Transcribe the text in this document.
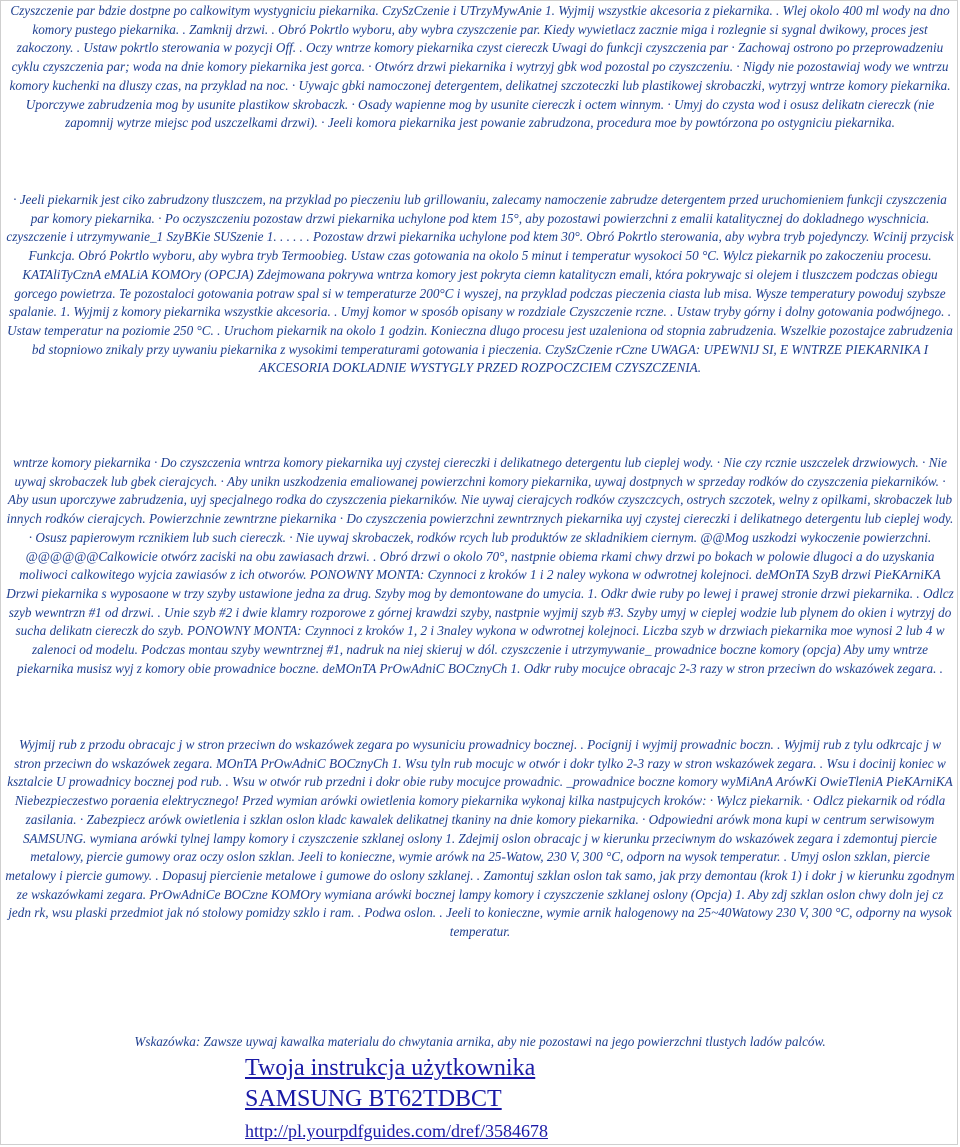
Czyszczenie par bdzie dostpne po calkowitym wystygniciu piekarnika. CzySzCzenie i UTrzyMywAnie 1. Wyjmij wszystkie akcesoria z piekarnika. . Wlej okolo 400 ml wody na dno komory pustego piekarnika. . Zamknij drzwi. . Obró Pokrtlo wyboru, aby wybra czyszczenie par. Kiedy wywietlacz zacznie miga i rozlegnie si sygnal dwikowy, proces jest zakoczony. . Ustaw pokrtlo sterowania w pozycji Off. . Oczy wntrze komory piekarnika czyst ciereczk Uwagi do funkcji czyszczenia par · Zachowaj ostrono po przeprowadzeniu cyklu czyszczenia par; woda na dnie komory piekarnika jest gorca. · Otwórz drzwi piekarnika i wytrzyj gbk wod pozostal po czyszczeniu. · Nigdy nie pozostawiaj wody we wntrzu komory kuchenki na dluszy czas, na przyklad na noc. · Uywajc gbki namoczonej detergentem, delikatnej szczoteczki lub plastikowej skrobaczki, wytrzyj wntrze komory piekarnika. Uporczywe zabrudzenia mog by usunite plastikow skrobaczk. · Osady wapienne mog by usunite ciereczk i octem winnym. · Umyj do czysta wod i osusz delikatn ciereczk (nie zapomnij wytrze miejsc pod uszczelkami drzwi). · Jeeli komora piekarnika jest powanie zabrudzona, procedura moe by powtórzona po ostygniciu piekarnika.

· Jeeli piekarnik jest ciko zabrudzony tluszczem, na przyklad po pieczeniu lub grillowaniu, zalecamy namoczenie zabrudze detergentem przed uruchomieniem funkcji czyszczenia par komory piekarnika. · Po oczyszczeniu pozostaw drzwi piekarnika uchylone pod ktem 15°, aby pozostawi powierzchni z emalii katalitycznej do dokladnego wyschnicia. czyszczenie i utrzymywanie_1 SzyBKie SUSzenie 1. . . . . . Pozostaw drzwi piekarnika uchylone pod ktem 30°. Obró Pokrtlo sterowania, aby wybra tryb pojedynczy. Wcinij przycisk Funkcja. Obró Pokrtlo wyboru, aby wybra tryb Termoobieg. Ustaw czas gotowania na okolo 5 minut i temperatur wysokoci 50 °C. Wylcz piekarnik po zakoczeniu procesu. KATAliTyCznA eMALiA KOMOry (OPCJA) Zdejmowana pokrywa wntrza komory jest pokryta ciemn katalityczn emali, która pokrywajc si olejem i tluszczem podczas obiegu gorcego powietrza. Te pozostaloci gotowania potraw spal si w temperaturze 200°C i wyszej, na przyklad podczas pieczenia ciasta lub misa. Wysze temperatury powoduj szybsze spalanie. 1. Wyjmij z komory piekarnika wszystkie akcesoria. . Umyj komor w sposób opisany w rozdziale Czyszczenie rczne. . Ustaw tryby górny i dolny gotowania podwójnego. . Ustaw temperatur na poziomie 250 °C. . Uruchom piekarnik na okolo 1 godzin. Konieczna dlugo procesu jest uzaleniona od stopnia zabrudzenia. Wszelkie pozostajce zabrudzenia bd stopniowo znikaly przy uywaniu piekarnika z wysokimi temperaturami gotowania i pieczenia. CzySzCzenie rCzne UWAGA: UPEWNIJ SI, E WNTRZE PIEKARNIKA I AKCESORIA DOKLADNIE WYSTYGLY PRZED ROZPOCZCIEM CZYSZCZENIA.

wntrze komory piekarnika · Do czyszczenia wntrza komory piekarnika uyj czystej ciereczki i delikatnego detergentu lub cieplej wody. · Nie czy rcznie uszczelek drzwiowych. · Nie uywaj skrobaczek lub gbek cierajcych. · Aby unikn uszkodzenia emaliowanej powierzchni komory piekarnika, uywaj dostpnych w sprzeday rodków do czyszczenia piekarników. · Aby usun uporczywe zabrudzenia, uyj specjalnego rodka do czyszczenia piekarników. Nie uywaj cierajcych rodków czyszczcych, ostrych szczotek, welny z opilkami, skrobaczek lub innych rodków cierajcych. Powierzchnie zewntrzne piekarnika · Do czyszczenia powierzchni zewntrznych piekarnika uyj czystej ciereczki i delikatnego detergentu lub cieplej wody. · Osusz papierowym rcznikiem lub such ciereczk. · Nie uywaj skrobaczek, rodków rcych lub produktów ze skladnikiem ciernym. @@Mog uszkodzi wykoczenie powierzchni. @@@@@@Calkowicie otwórz zaciski na obu zawiasach drzwi. . Obró drzwi o okolo 70°, nastpnie obiema rkami chwy drzwi po bokach w polowie dlugoci a do uzyskania moliwoci calkowitego wyjcia zawiasów z ich otworów. PONOWNY MONTA: Czynnoci z kroków 1 i 2 naley wykona w odwrotnej kolejnoci. deMOnTA SzyB drzwi PieKArniKA Drzwi piekarnika s wyposaone w trzy szyby ustawione jedna za drug. Szyby mog by demontowane do umycia. 1. Odkr dwie ruby po lewej i prawej stronie drzwi piekarnika. . Odlcz szyb wewntrzn #1 od drzwi. . Unie szyb #2 i dwie klamry rozporowe z górnej krawdzi szyby, nastpnie wyjmij szyb #3. Szyby umyj w cieplej wodzie lub plynem do okien i wytrzyj do sucha delikatn ciereczk do szyb. PONOWNY MONTA: Czynnoci z kroków 1, 2 i 3naley wykona w odwrotnej kolejnoci. Liczba szyb w drzwiach piekarnika moe wynosi 2 lub 4 w zalenoci od modelu. Podczas montau szyby wewntrznej #1, nadruk na niej skieruj w dól. czyszczenie i utrzymywanie_ prowadnice boczne komory (opcja) Aby umy wntrze piekarnika musisz wyj z komory obie prowadnice boczne. deMOnTA PrOwAdniC BOCznyCh 1. Odkr ruby mocujce obracajc 2-3 razy w stron przeciwn do wskazówek zegara. .

Wyjmij rub z przodu obracajc j w stron przeciwn do wskazówek zegara po wysuniciu prowadnicy bocznej. . Pocignij i wyjmij prowadnic boczn. . Wyjmij rub z tylu odkrcajc j w stron przeciwn do wskazówek zegara. MOnTA PrOwAdniC BOCznyCh 1. Wsu tyln rub mocujc w otwór i dokr tylko 2-3 razy w stron wskazówek zegara. . Wsu i docinij koniec w ksztalcie U prowadnicy bocznej pod rub. . Wsu w otwór rub przedni i dokr obie ruby mocujce prowadnic. _prowadnice boczne komory wyMiAnA ArówKi OwieTleniA PieKArniKA Niebezpieczestwo poraenia elektrycznego! Przed wymian arówki owietlenia komory piekarnika wykonaj kilka nastpujcych kroków: · Wylcz piekarnik. · Odlcz piekarnik od ródla zasilania. · Zabezpiecz arówk owietlenia i szklan oslon kladc kawalek delikatnej tkaniny na dnie komory piekarnika. · Odpowiedni arówk mona kupi w centrum serwisowym SAMSUNG. wymiana arówki tylnej lampy komory i czyszczenie szklanej oslony 1. Zdejmij oslon obracajc j w kierunku przeciwnym do wskazówek zegara i zdemontuj piercie metalowy, piercie gumowy oraz oczy oslon szklan. Jeeli to konieczne, wymie arówk na 25-Watow, 230 V, 300 °C, odporn na wysok temperatur. . Umyj oslon szklan, piercie metalowy i piercie gumowy. . Dopasuj piercienie metalowe i gumowe do oslony szklanej. . Zamontuj szklan oslon tak samo, jak przy demontau (krok 1) i dokr j w kierunku zgodnym ze wskazówkami zegara. PrOwAdniCe BOCzne KOMOry wymiana arówki bocznej lampy komory i czyszczenie szklanej oslony (Opcja) 1. Aby zdj szklan oslon chwy doln jej cz jedn rk, wsu plaski przedmiot jak nó stolowy pomidzy szklo i ram. . Podwa oslon. . Jeeli to konieczne, wymie arnik halogenowy na 25~40Watowy 230 V, 300 °C, odporny na wysok temperatur.

Wskazówka: Zawsze uywaj kawalka materialu do chwytania arnika, aby nie pozostawi na jego powierzchni tlustych ladów palców.

Twoja instrukcja użytkownika
SAMSUNG BT62TDBCT
http://pl.yourpdfguides.com/dref/3584678
